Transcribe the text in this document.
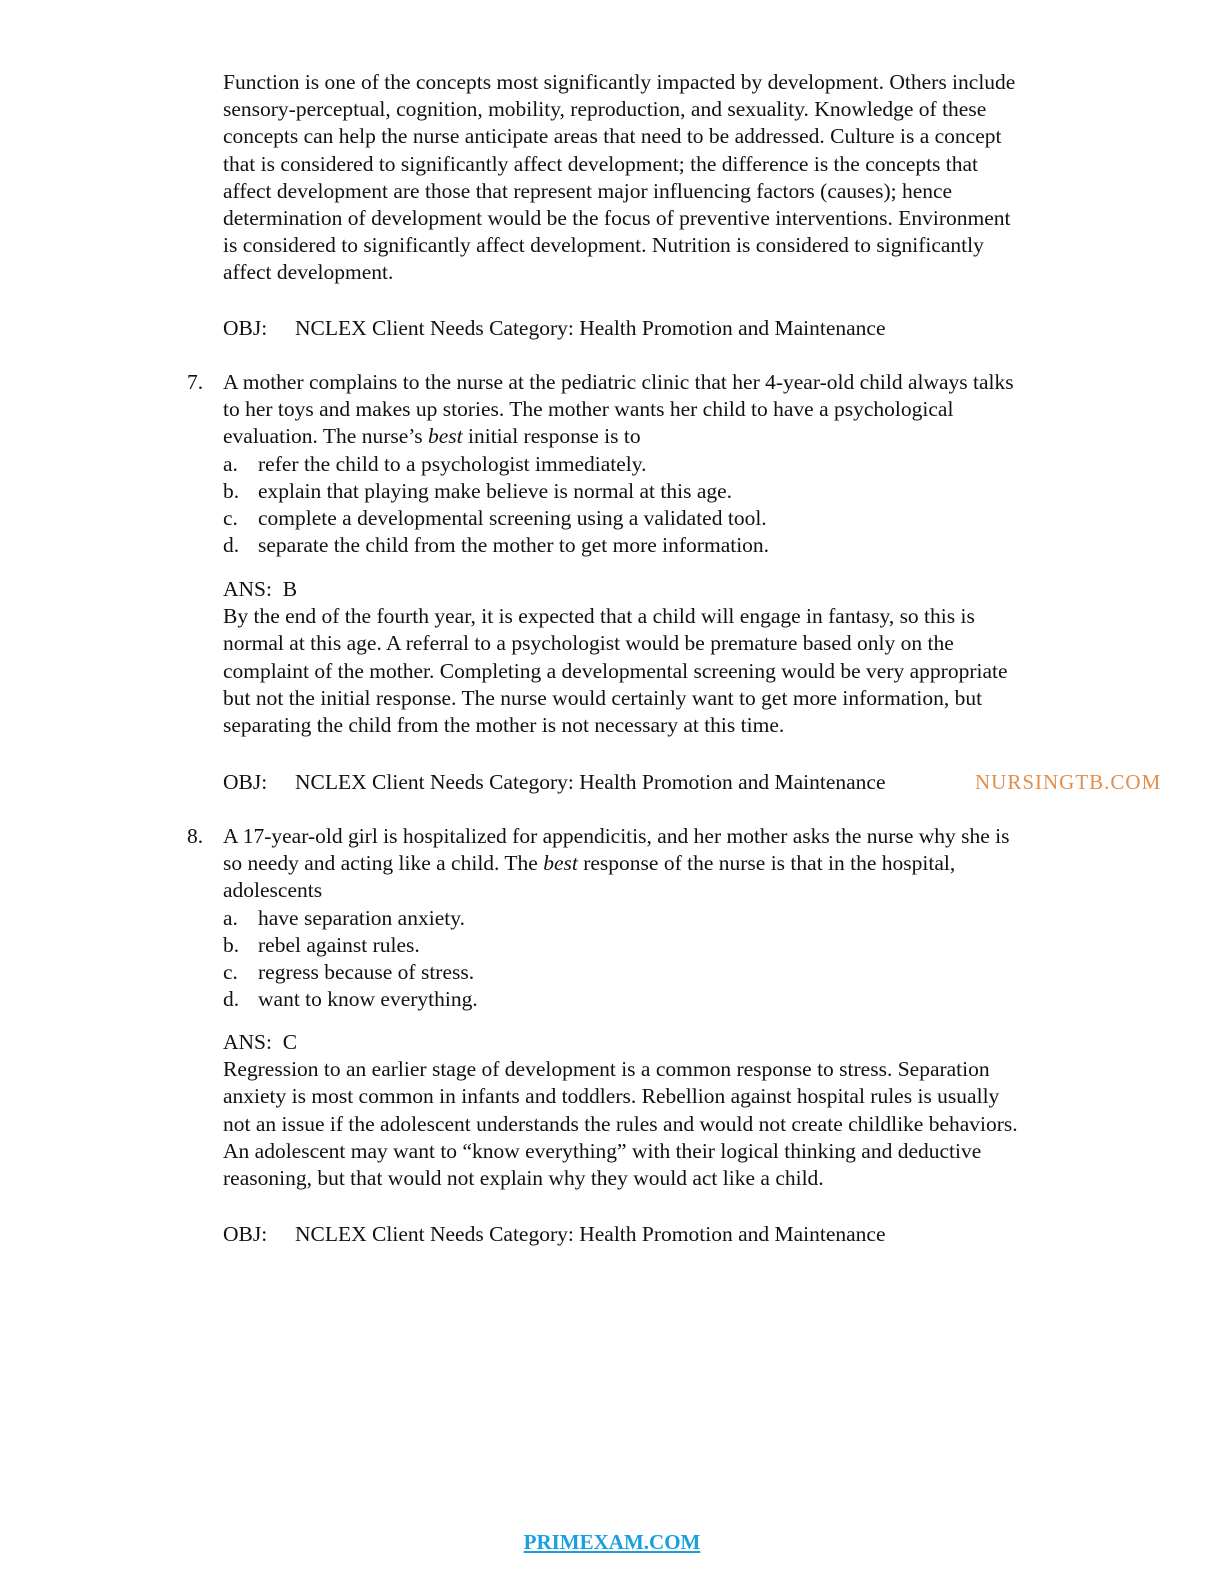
Function is one of the concepts most significantly impacted by development. Others include
sensory-perceptual, cognition, mobility, reproduction, and sexuality. Knowledge of these
concepts can help the nurse anticipate areas that need to be addressed. Culture is a concept
that is considered to significantly affect development; the difference is the concepts that
affect development are those that represent major influencing factors (causes); hence
determination of development would be the focus of preventive interventions. Environment
is considered to significantly affect development. Nutrition is considered to significantly
affect development.
OBJ: NCLEX Client Needs Category: Health Promotion and Maintenance
7. A mother complains to the nurse at the pediatric clinic that her 4-year-old child always talks
to her toys and makes up stories. The mother wants her child to have a psychological
evaluation. The nurse’s best initial response is to
a. refer the child to a psychologist immediately.
b. explain that playing make believe is normal at this age.
c. complete a developmental screening using a validated tool.
d. separate the child from the mother to get more information.
ANS: B
By the end of the fourth year, it is expected that a child will engage in fantasy, so this is
normal at this age. A referral to a psychologist would be premature based only on the
complaint of the mother. Completing a developmental screening would be very appropriate
but not the initial response. The nurse would certainly want to get more information, but
separating the child from the mother is not necessary at this time.
OBJ: NCLEX Client Needs Category: Health Promotion and Maintenance	NURSINGTB.COM
8. A 17-year-old girl is hospitalized for appendicitis, and her mother asks the nurse why she is
so needy and acting like a child. The best response of the nurse is that in the hospital,
adolescents
a. have separation anxiety.
b. rebel against rules.
c. regress because of stress.
d. want to know everything.
ANS: C
Regression to an earlier stage of development is a common response to stress. Separation
anxiety is most common in infants and toddlers. Rebellion against hospital rules is usually
not an issue if the adolescent understands the rules and would not create childlike behaviors.
An adolescent may want to “know everything” with their logical thinking and deductive
reasoning, but that would not explain why they would act like a child.
OBJ: NCLEX Client Needs Category: Health Promotion and Maintenance
PRIMEXAM.COM
